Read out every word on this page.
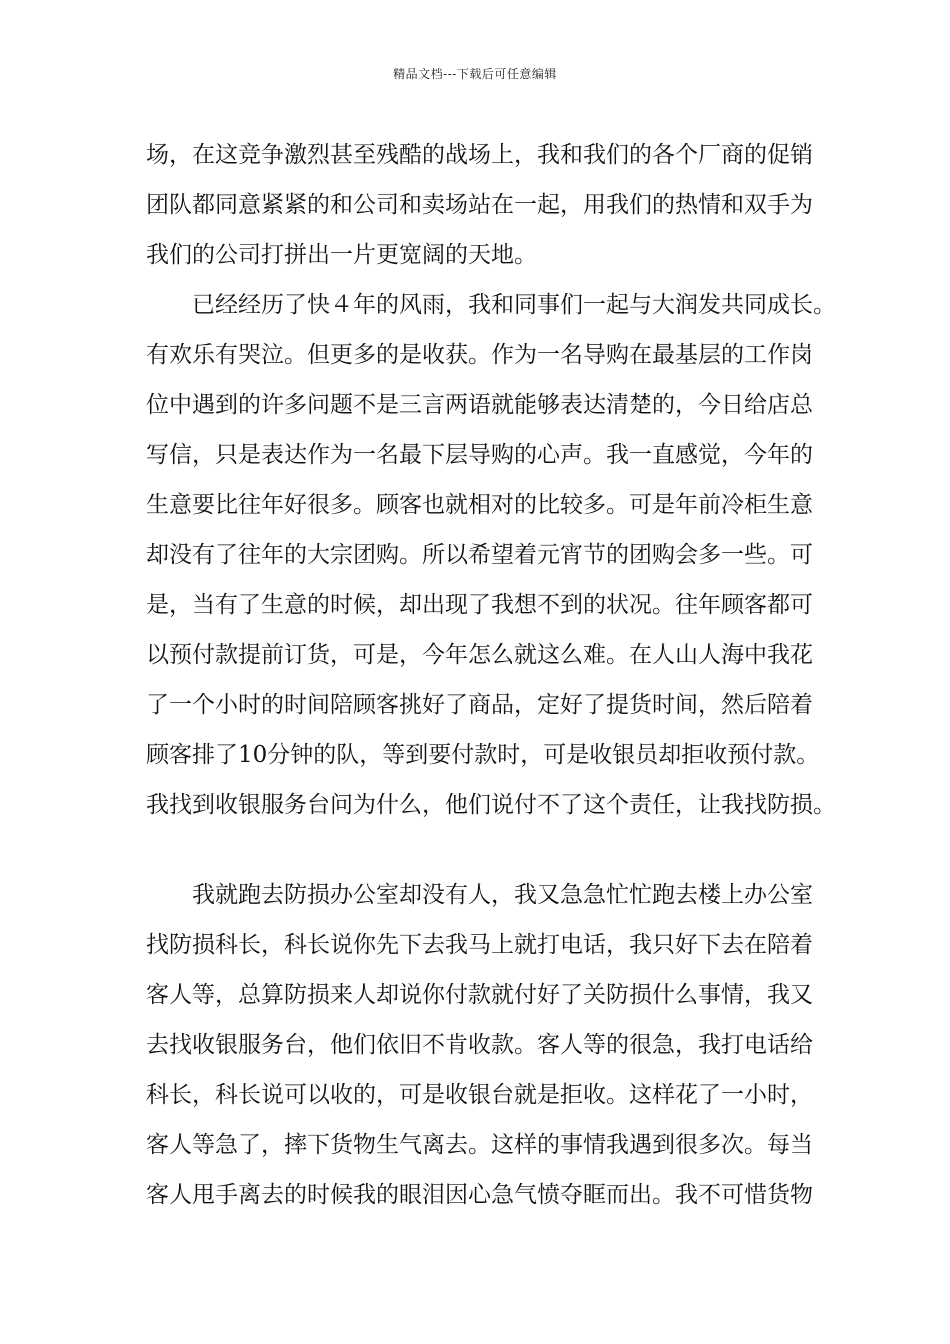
精品文档---下载后可任意编辑
场，在这竞争激烈甚至残酷的战场上，我和我们的各个厂商的促销
团队都同意紧紧的和公司和卖场站在一起，用我们的热情和双手为
我们的公司打拼出一片更宽阔的天地。
已经经历了快４年的风雨，我和同事们一起与大润发共同成长。
有欢乐有哭泣。但更多的是收获。作为一名导购在最基层的工作岗
位中遇到的许多问题不是三言两语就能够表达清楚的，今日给店总
写信，只是表达作为一名最下层导购的心声。我一直感觉，今年的
生意要比往年好很多。顾客也就相对的比较多。可是年前冷柜生意
却没有了往年的大宗团购。所以希望着元宵节的团购会多一些。可
是，当有了生意的时候，却出现了我想不到的状况。往年顾客都可
以预付款提前订货，可是，今年怎么就这么难。在人山人海中我花
了一个小时的时间陪顾客挑好了商品，定好了提货时间，然后陪着
顾客排了10分钟的队，等到要付款时，可是收银员却拒收预付款。
我找到收银服务台问为什么，他们说付不了这个责任，让我找防损。
我就跑去防损办公室却没有人，我又急急忙忙跑去楼上办公室
找防损科长，科长说你先下去我马上就打电话，我只好下去在陪着
客人等，总算防损来人却说你付款就付好了关防损什么事情，我又
去找收银服务台，他们依旧不肯收款。客人等的很急，我打电话给
科长，科长说可以收的，可是收银台就是拒收。这样花了一小时，
客人等急了，摔下货物生气离去。这样的事情我遇到很多次。每当
客人甩手离去的时候我的眼泪因心急气愤夺眶而出。我不可惜货物
